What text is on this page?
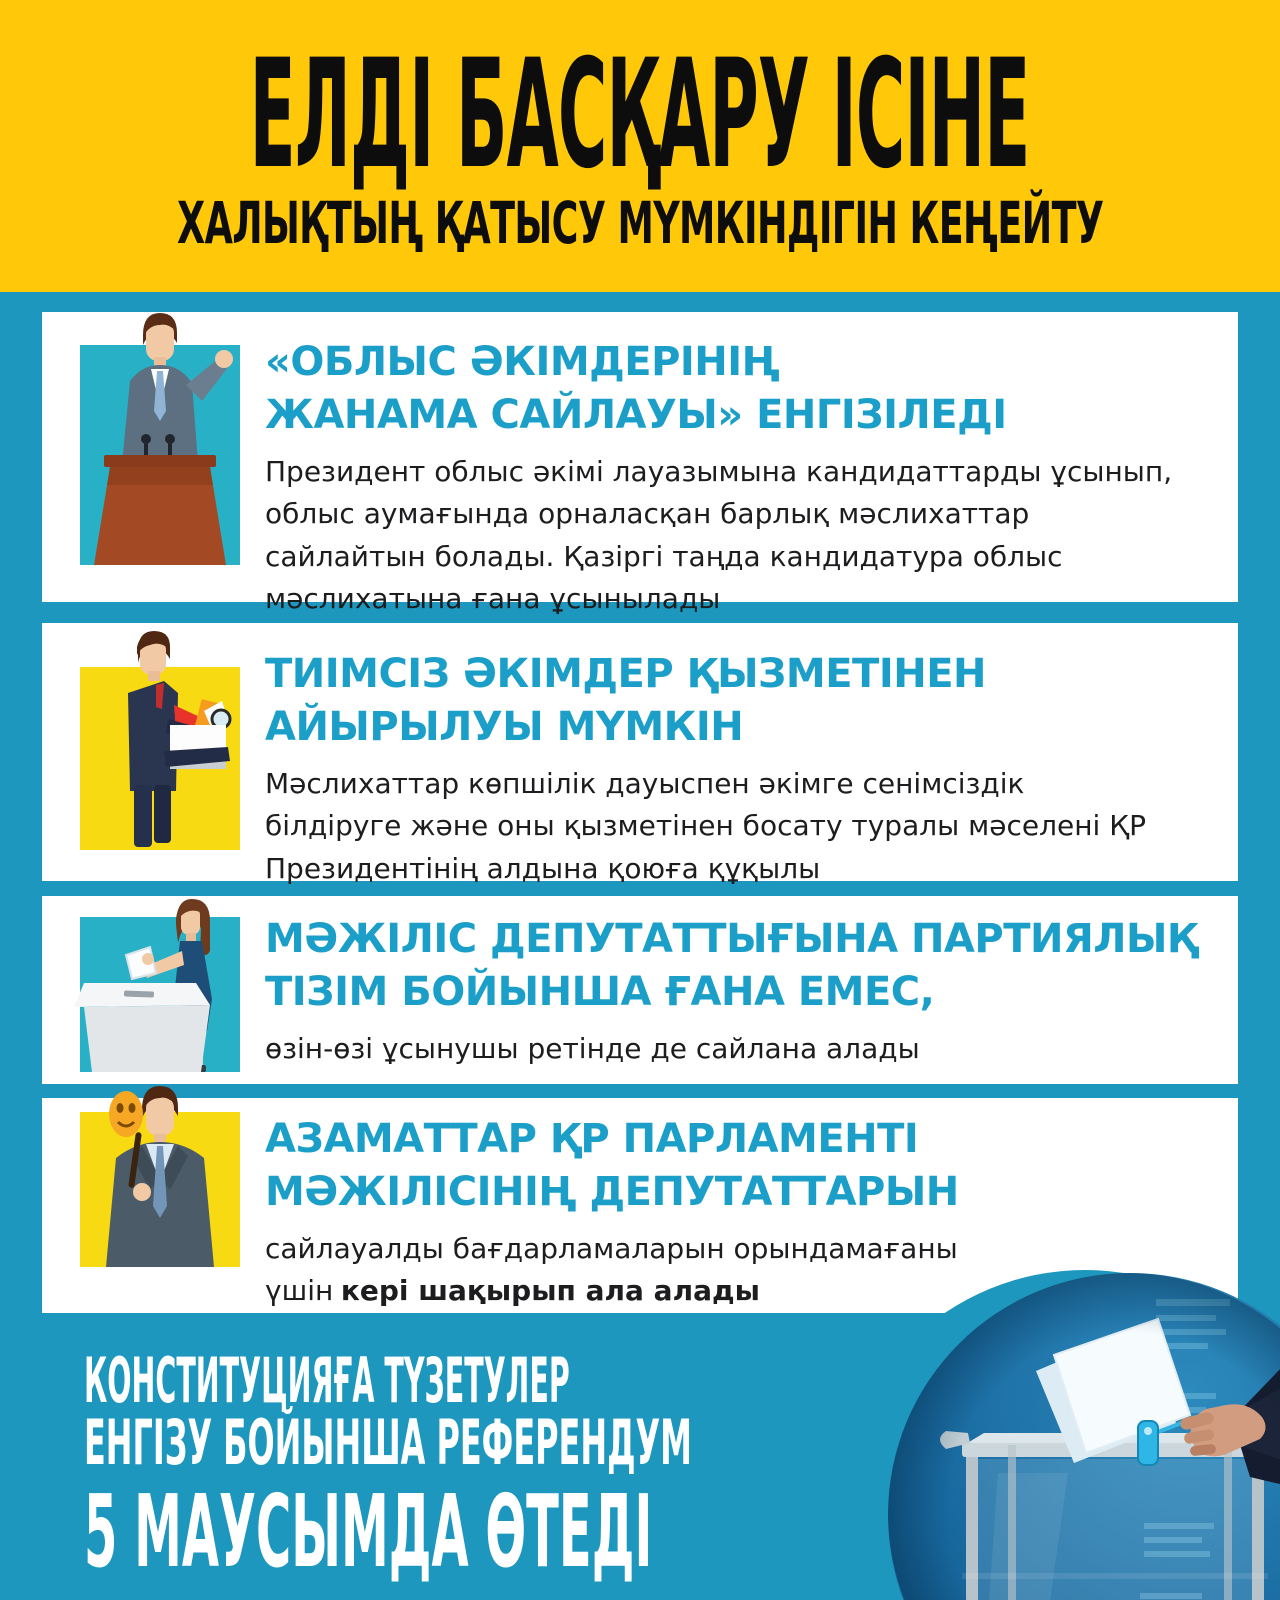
ЕЛДІ БАСҚАРУ ІСІНЕ
ХАЛЫҚТЫҢ ҚАТЫСУ МҮМКІНДІГІН КЕҢЕЙТУ
«ОБЛЫС ӘКІМДЕРІНІҢ
ЖАНАМА САЙЛАУЫ» ЕНГІЗІЛЕДІ
Президент облыс әкімі лауазымына кандидаттарды ұсынып,
облыс аумағында орналасқан барлық мәслихаттар
сайлайтын болады. Қазіргі таңда кандидатура облыс
мәслихатына ғана ұсынылады
ТИІМСІЗ ӘКІМДЕР ҚЫЗМЕТІНЕН
АЙЫРЫЛУЫ МҮМКІН
Мәслихаттар көпшілік дауыспен әкімге сенімсіздік
білдіруге және оны қызметінен босату туралы мәселені ҚР
Президентінің алдына қоюға құқылы
МӘЖІЛІС ДЕПУТАТТЫҒЫНА ПАРТИЯЛЫҚ
ТІЗІМ БОЙЫНША ҒАНА ЕМЕС,
өзін-өзі ұсынушы ретінде де сайлана алады
АЗАМАТТАР ҚР ПАРЛАМЕНТІ
МӘЖІЛІСІНІҢ ДЕПУТАТТАРЫН
сайлауалды бағдарламаларын орындамағаны
үшін кері шақырып ала алады
КОНСТИТУЦИЯҒА ТҮЗЕТУЛЕР
ЕНГІЗУ БОЙЫНША РЕФЕРЕНДУМ
5 МАУСЫМДА ӨТЕДІ
